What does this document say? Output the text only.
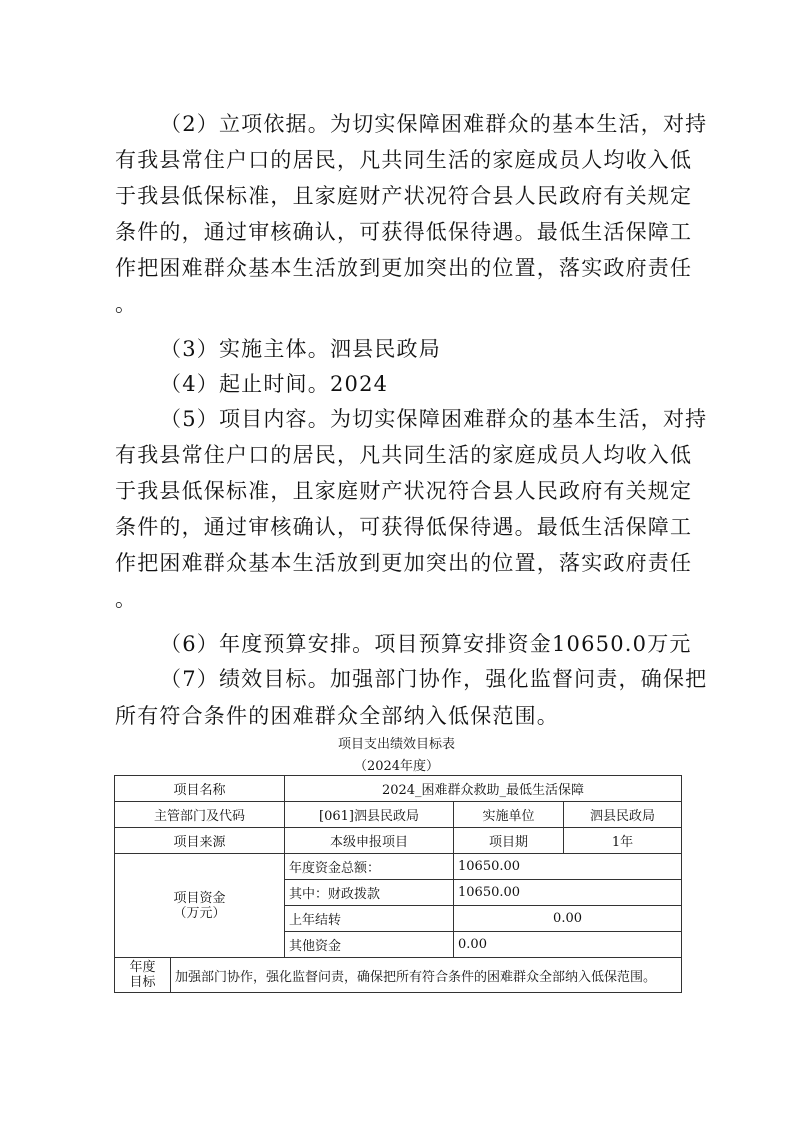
（2）立项依据。为切实保障困难群众的基本生活，对持
有我县常住户口的居民，凡共同生活的家庭成员人均收入低
于我县低保标准，且家庭财产状况符合县人民政府有关规定
条件的，通过审核确认，可获得低保待遇。最低生活保障工
作把困难群众基本生活放到更加突出的位置，落实政府责任
。
（3）实施主体。泗县民政局
（4）起止时间。2024
（5）项目内容。为切实保障困难群众的基本生活，对持
有我县常住户口的居民，凡共同生活的家庭成员人均收入低
于我县低保标准，且家庭财产状况符合县人民政府有关规定
条件的，通过审核确认，可获得低保待遇。最低生活保障工
作把困难群众基本生活放到更加突出的位置，落实政府责任
。
（6）年度预算安排。项目预算安排资金10650.0万元
（7）绩效目标。加强部门协作，强化监督问责，确保把
所有符合条件的困难群众全部纳入低保范围。
项目支出绩效目标表
（2024年度）
项目名称		2024_困难群众救助_最低生活保障		
主管部门及代码		[061]泗县民政局	实施单位	泗县民政局
项目来源		本级申报项目	项目期	1年

项目资金
（万元）		年度资金总额：	10650.00	
		其中：财政拨款	10650.00	
		上年结转	0.00	
		其他资金	0.00	

年度
目标	加强部门协作，强化监督问责，确保把所有符合条件的困难群众全部纳入低保范围。			
